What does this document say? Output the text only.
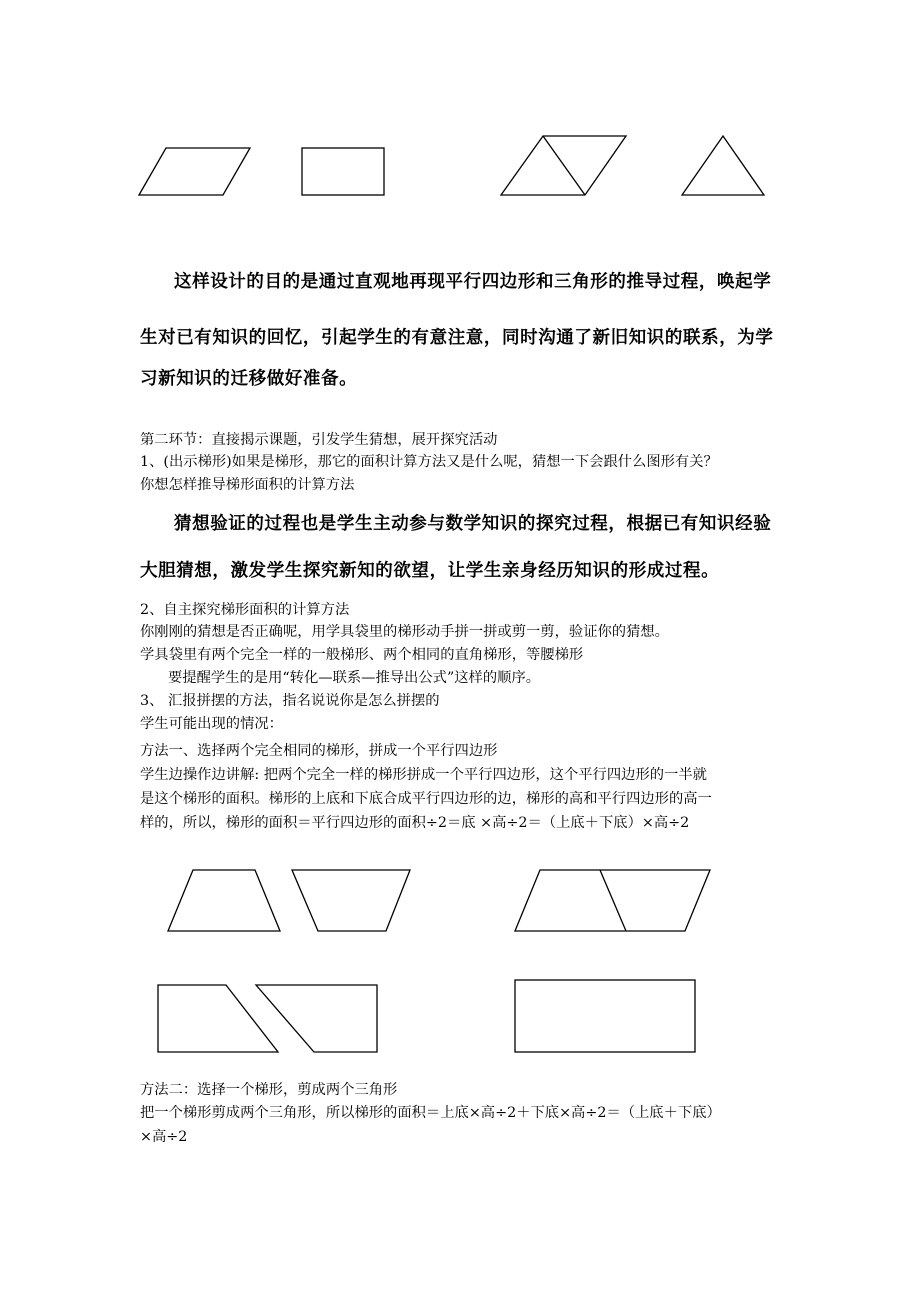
这样设计的目的是通过直观地再现平行四边形和三角形的推导过程，唤起学

生对已有知识的回忆，引起学生的有意注意，同时沟通了新旧知识的联系，为学

习新知识的迁移做好准备。

第二环节：直接揭示课题，引发学生猜想，展开探究活动

1、(出示梯形)如果是梯形，那它的面积计算方法又是什么呢，猜想一下会跟什么图形有关？

你想怎样推导梯形面积的计算方法

猜想验证的过程也是学生主动参与数学知识的探究过程，根据已有知识经验

大胆猜想，激发学生探究新知的欲望，让学生亲身经历知识的形成过程。

2、自主探究梯形面积的计算方法

你刚刚的猜想是否正确呢，用学具袋里的梯形动手拼一拼或剪一剪，验证你的猜想。

学具袋里有两个完全一样的一般梯形、两个相同的直角梯形，等腰梯形

要提醒学生的是用“转化—联系—推导出公式”这样的顺序。

3、 汇报拼摆的方法，指名说说你是怎么拼摆的

学生可能出现的情况：

方法一、选择两个完全相同的梯形，拼成一个平行四边形

学生边操作边讲解: 把两个完全一样的梯形拼成一个平行四边形，这个平行四边形的一半就

是这个梯形的面积。梯形的上底和下底合成平行四边形的边，梯形的高和平行四边形的高一

样的，所以，梯形的面积＝平行四边形的面积÷2＝底 ×高÷2＝（上底＋下底）×高÷2

方法二：选择一个梯形，剪成两个三角形

把一个梯形剪成两个三角形，所以梯形的面积＝上底×高÷2＋下底×高÷2＝（上底＋下底）

×高÷2
